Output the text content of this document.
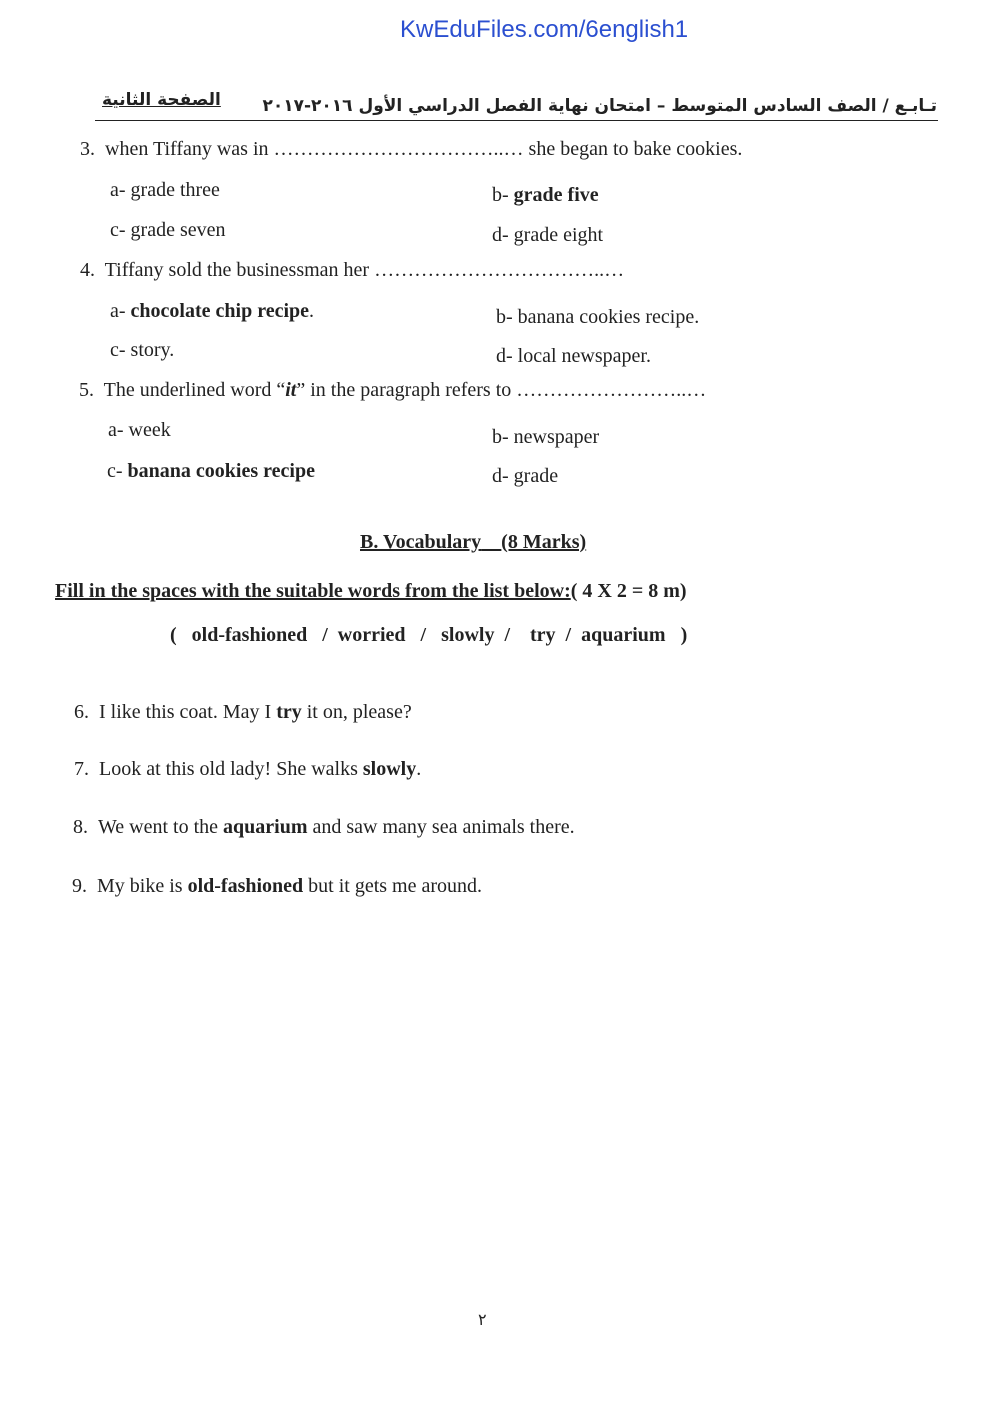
KwEduFiles.com/6english1
تـابـع / الصف السادس المتوسط – امتحان نهاية الفصل الدراسي الأول ٢٠١٦-٢٠١٧
الصفحة الثانية
3. when Tiffany was in ……………………………..… she began to bake cookies.
a- grade three	b- grade five
c- grade seven	d- grade eight
4. Tiffany sold the businessman her ……………………………..…
a- chocolate chip recipe.	b- banana cookies recipe.
c- story.	d- local newspaper.
5. The underlined word “it” in the paragraph refers to ……………………..…
a- week	b- newspaper
c- banana cookies recipe	d- grade
B. Vocabulary (8 Marks)
Fill in the spaces with the suitable words from the list below:( 4 X 2 = 8 m)
(   old-fashioned   /  worried   /   slowly  /    try  /  aquarium   )
6. I like this coat. May I try it on, please?
7. Look at this old lady! She walks slowly.
8. We went to the aquarium and saw many sea animals there.
9. My bike is old-fashioned but it gets me around.
٢
